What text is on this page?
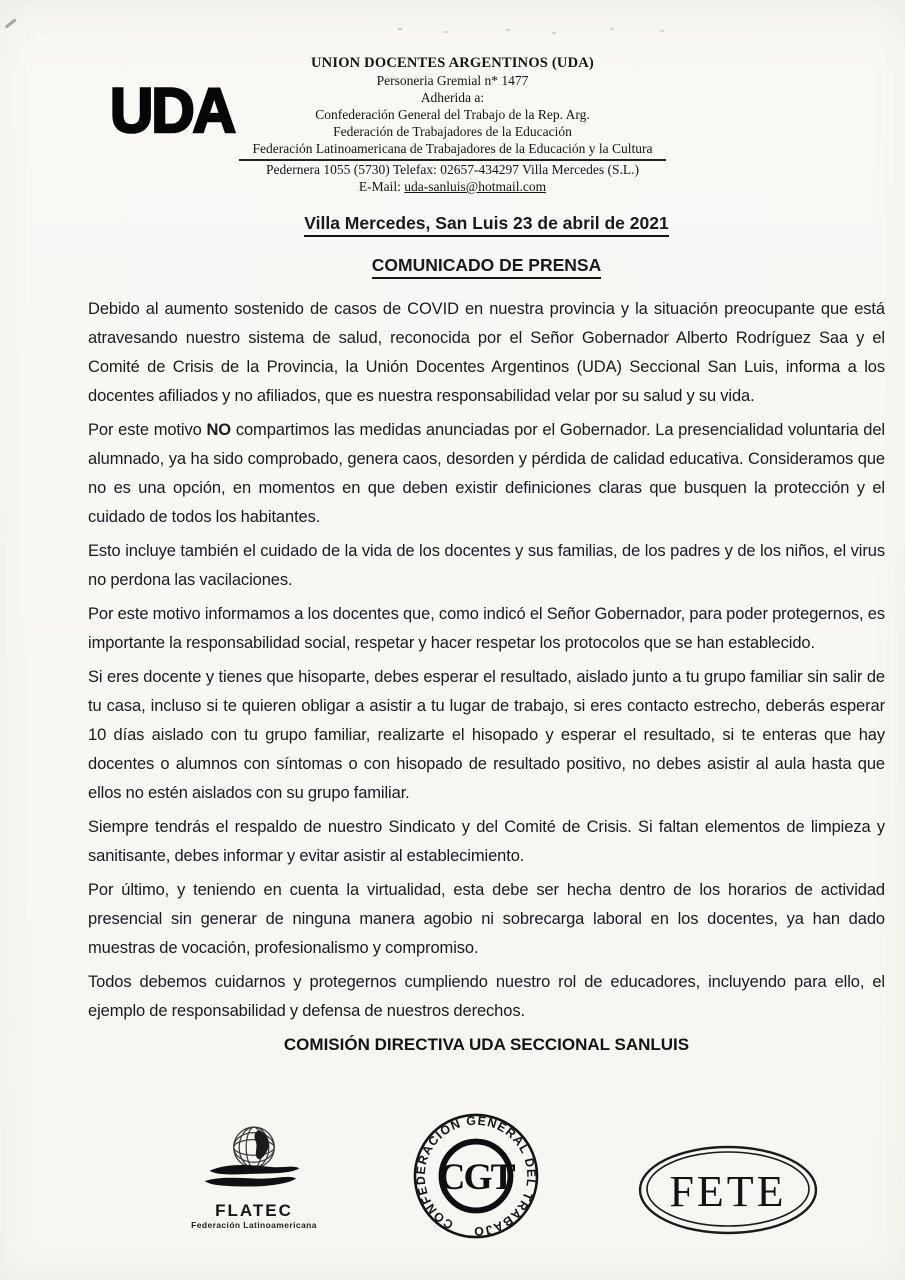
UDA
UNION DOCENTES ARGENTINOS (UDA)
Personeria Gremial n* 1477
Adherida a:
Confederación General del Trabajo de la Rep. Arg.
Federación de Trabajadores de la Educación
Federación Latinoamericana de Trabajadores de la Educación y la Cultura
Pedernera 1055 (5730) Telefax: 02657-434297 Villa Mercedes (S.L.)
E-Mail: uda-sanluis@hotmail.com
Villa Mercedes, San Luis 23 de abril de 2021
COMUNICADO DE PRENSA

Debido al aumento sostenido de casos de COVID en nuestra provincia y la situación preocupante que está atravesando nuestro sistema de salud, reconocida por el Señor Gobernador Alberto Rodríguez Saa y el Comité de Crisis de la Provincia, la Unión Docentes Argentinos (UDA) Seccional San Luis, informa a los docentes afiliados y no afiliados, que es nuestra responsabilidad velar por su salud y su vida.

Por este motivo NO compartimos las medidas anunciadas por el Gobernador. La presencialidad voluntaria del alumnado, ya ha sido comprobado, genera caos, desorden y pérdida de calidad educativa. Consideramos que no es una opción, en momentos en que deben existir definiciones claras que busquen la protección y el cuidado de todos los habitantes.

Esto incluye también el cuidado de la vida de los docentes y sus familias, de los padres y de los niños, el virus no perdona las vacilaciones.

Por este motivo informamos a los docentes que, como indicó el Señor Gobernador, para poder protegernos, es importante la responsabilidad social, respetar y hacer respetar los protocolos que se han establecido.

Si eres docente y tienes que hisoparte, debes esperar el resultado, aislado junto a tu grupo familiar sin salir de tu casa, incluso si te quieren obligar a asistir a tu lugar de trabajo, si eres contacto estrecho, deberás esperar 10 días aislado con tu grupo familiar, realizarte el hisopado y esperar el resultado, si te enteras que hay docentes o alumnos con síntomas o con hisopado de resultado positivo, no debes asistir al aula hasta que ellos no estén aislados con su grupo familiar.

Siempre tendrás el respaldo de nuestro Sindicato y del Comité de Crisis. Si faltan elementos de limpieza y sanitisante, debes informar y evitar asistir al establecimiento.

Por último, y teniendo en cuenta la virtualidad, esta debe ser hecha dentro de los horarios de actividad presencial sin generar de ninguna manera agobio ni sobrecarga laboral en los docentes, ya han dado muestras de vocación, profesionalismo y compromiso.

Todos debemos cuidarnos y protegernos cumpliendo nuestro rol de educadores, incluyendo para ello, el ejemplo de responsabilidad y defensa de nuestros derechos.

COMISIÓN DIRECTIVA UDA SECCIONAL SANLUIS
FLATEC
Federación Latinoamericana	CONFEDERACION GENERAL DEL TRABAJO
CGT	FETE
